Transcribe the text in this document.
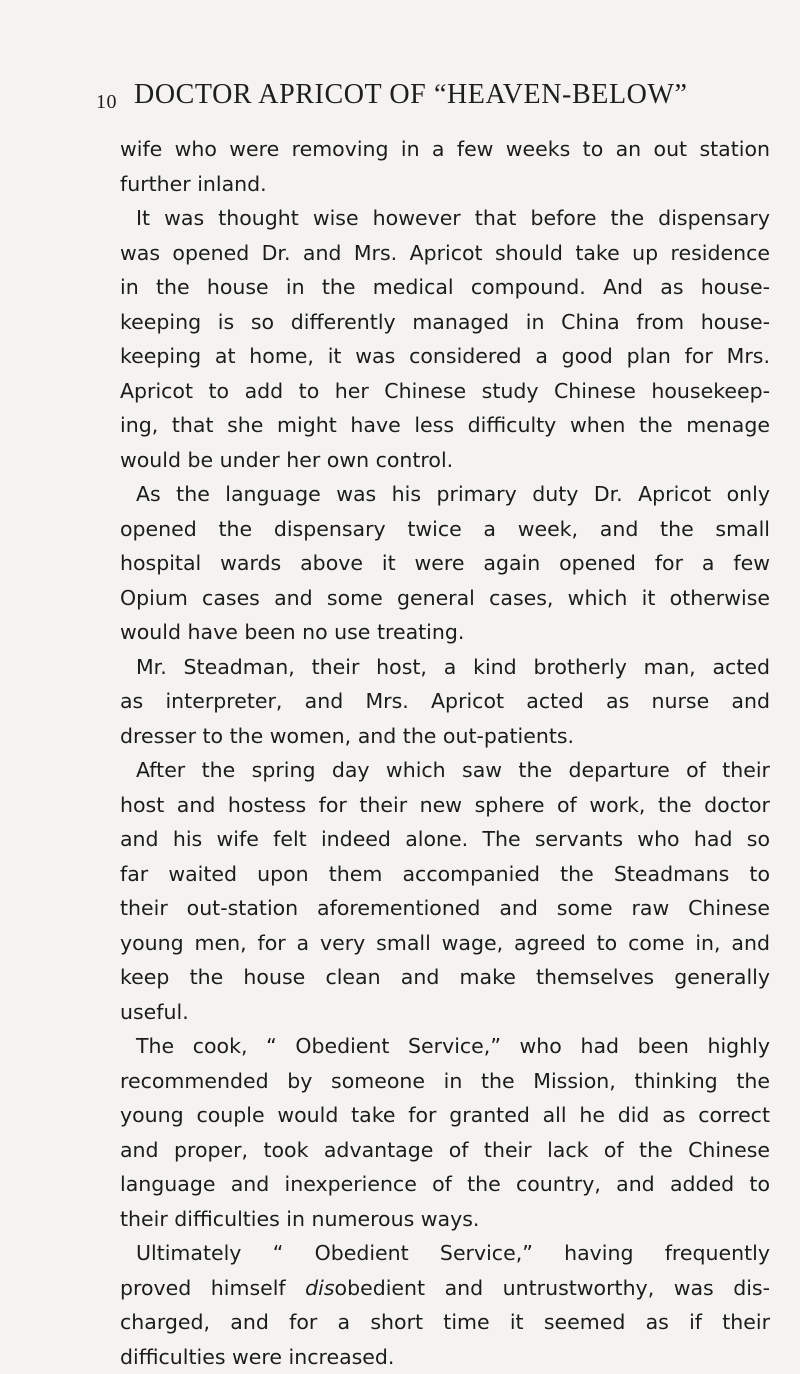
10 DOCTOR APRICOT OF “HEAVEN-BELOW”
wife who were removing in a few weeks to an out station
further inland.
It was thought wise however that before the dispensary
was opened Dr. and Mrs. Apricot should take up residence
in the house in the medical compound. And as house-
keeping is so differently managed in China from house-
keeping at home, it was considered a good plan for Mrs.
Apricot to add to her Chinese study Chinese housekeep-
ing, that she might have less difficulty when the menage
would be under her own control.
As the language was his primary duty Dr. Apricot only
opened the dispensary twice a week, and the small
hospital wards above it were again opened for a few
Opium cases and some general cases, which it otherwise
would have been no use treating.
Mr. Steadman, their host, a kind brotherly man, acted
as interpreter, and Mrs. Apricot acted as nurse and
dresser to the women, and the out-patients.
After the spring day which saw the departure of their
host and hostess for their new sphere of work, the doctor
and his wife felt indeed alone. The servants who had so
far waited upon them accompanied the Steadmans to
their out-station aforementioned and some raw Chinese
young men, for a very small wage, agreed to come in, and
keep the house clean and make themselves generally
useful.
The cook, “ Obedient Service,” who had been highly
recommended by someone in the Mission, thinking the
young couple would take for granted all he did as correct
and proper, took advantage of their lack of the Chinese
language and inexperience of the country, and added to
their difficulties in numerous ways.
Ultimately “ Obedient Service,” having frequently
proved himself disobedient and untrustworthy, was dis-
charged, and for a short time it seemed as if their
difficulties were increased.
